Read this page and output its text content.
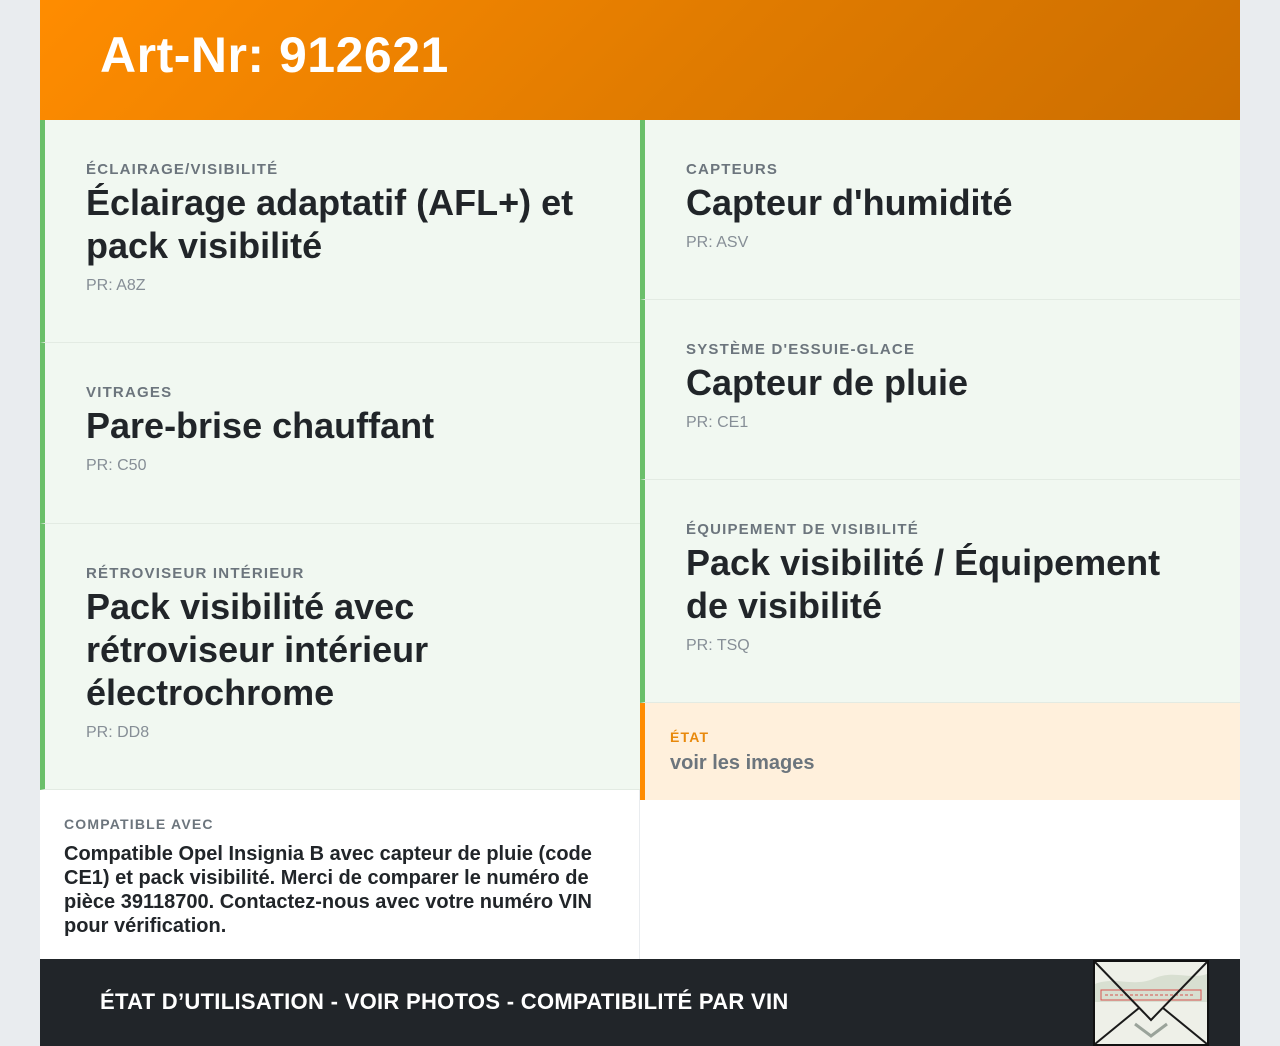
Art-Nr: 912621
ÉCLAIRAGE/VISIBILITÉ
Éclairage adaptatif (AFL+) et pack visibilité
PR: A8Z
VITRAGES
Pare-brise chauffant
PR: C50
RÉTROVISEUR INTÉRIEUR
Pack visibilité avec rétroviseur intérieur électrochrome
PR: DD8
CAPTEURS
Capteur d'humidité
PR: ASV
SYSTÈME D'ESSUIE-GLACE
Capteur de pluie
PR: CE1
ÉQUIPEMENT DE VISIBILITÉ
Pack visibilité / Équipement de visibilité
PR: TSQ
ÉTAT
voir les images
COMPATIBLE AVEC
Compatible Opel Insignia B avec capteur de pluie (code CE1) et pack visibilité. Merci de comparer le numéro de pièce 39118700. Contactez-nous avec votre numéro VIN pour vérification.
ÉTAT D’UTILISATION - VOIR PHOTOS - COMPATIBILITÉ PAR VIN
